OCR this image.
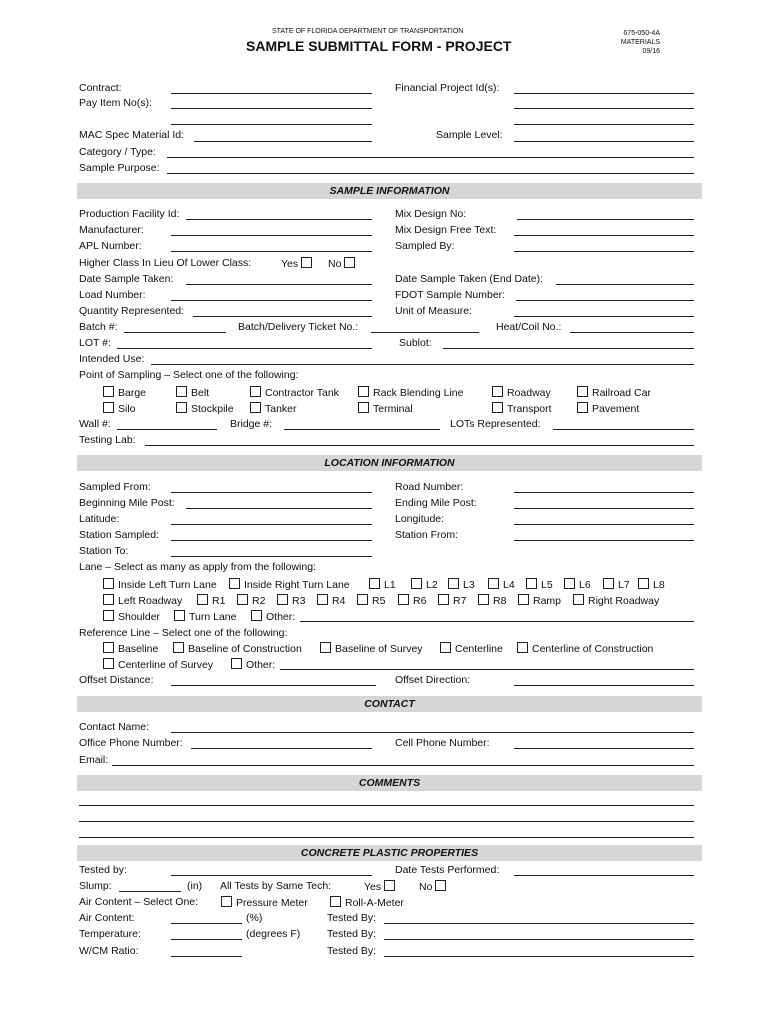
STATE OF FLORIDA DEPARTMENT OF TRANSPORTATION
SAMPLE SUBMITTAL FORM - PROJECT
675-050-4A
MATERIALS
09/16
Contract:	Financial Project Id(s):
Pay Item No(s):
MAC Spec Material Id:	Sample Level:
Category / Type:
Sample Purpose:
SAMPLE INFORMATION
Production Facility Id:	Mix Design No:
Manufacturer:	Mix Design Free Text:
APL Number:	Sampled By:
Higher Class In Lieu Of Lower Class:	Yes	No
Date Sample Taken:	Date Sample Taken (End Date):
Load Number:	FDOT Sample Number:
Quantity Represented:	Unit of Measure:
Batch #:	Batch/Delivery Ticket No.:	Heat/Coil No.:
LOT #:	Sublot:
Intended Use:
Point of Sampling – Select one of the following:
Barge	Belt	Contractor Tank	Rack Blending Line	Roadway	Railroad Car
Silo	Stockpile	Tanker	Terminal	Transport	Pavement
Wall #:	Bridge #:	LOTs Represented:
Testing Lab:
LOCATION INFORMATION
Sampled From:	Road Number:
Beginning Mile Post:	Ending Mile Post:
Latitude:	Longitude:
Station Sampled:	Station From:
Station To:
Lane – Select as many as apply from the following:
Inside Left Turn Lane	Inside Right Turn Lane	L1	L2	L3	L4	L5	L6	L7	L8
Left Roadway	R1	R2	R3	R4	R5	R6	R7	R8	Ramp	Right Roadway
Shoulder	Turn Lane	Other:
Reference Line – Select one of the following:
Baseline	Baseline of Construction	Baseline of Survey	Centerline	Centerline of Construction
Centerline of Survey	Other:
Offset Distance:	Offset Direction:
CONTACT
Contact Name:
Office Phone Number:	Cell Phone Number:
Email:
COMMENTS
CONCRETE PLASTIC PROPERTIES
Tested by:	Date Tests Performed:
Slump:	(in) All Tests by Same Tech:	Yes	No
Air Content – Select One:	Pressure Meter	Roll-A-Meter
Air Content:	(%)	Tested By:
Temperature:	(degrees F)	Tested By:
W/CM Ratio:	Tested By:
